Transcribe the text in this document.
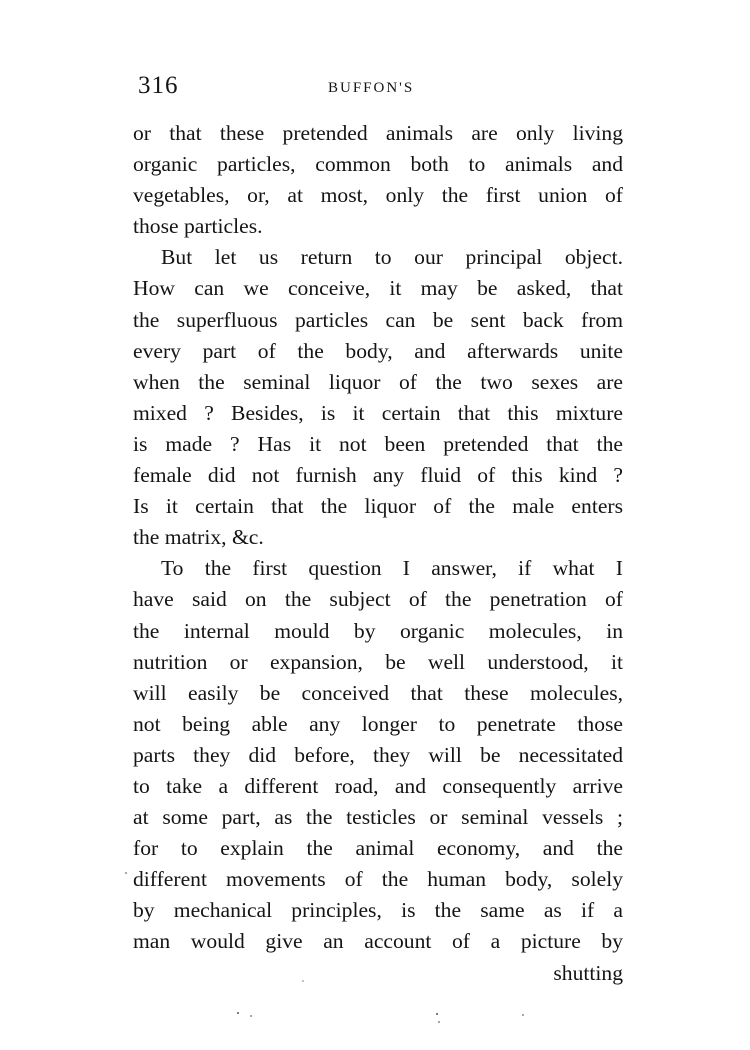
316	BUFFON'S
or that these pretended animals are only living
organic particles, common both to animals and
vegetables, or, at most, only the first union of
those particles.
But let us return to our principal object.
How can we conceive, it may be asked, that
the superfluous particles can be sent back from
every part of the body, and afterwards unite
when the seminal liquor of the two sexes are
mixed ? Besides, is it certain that this mixture
is made ? Has it not been pretended that the
female did not furnish any fluid of this kind ?
Is it certain that the liquor of the male enters
the matrix, &c.
To the first question I answer, if what I
have said on the subject of the penetration of
the internal mould by organic molecules, in
nutrition or expansion, be well understood, it
will easily be conceived that these molecules,
not being able any longer to penetrate those
parts they did before, they will be necessitated
to take a different road, and consequently arrive
at some part, as the testicles or seminal vessels ;
for to explain the animal economy, and the
different movements of the human body, solely
by mechanical principles, is the same as if a
man would give an account of a picture by
shutting
